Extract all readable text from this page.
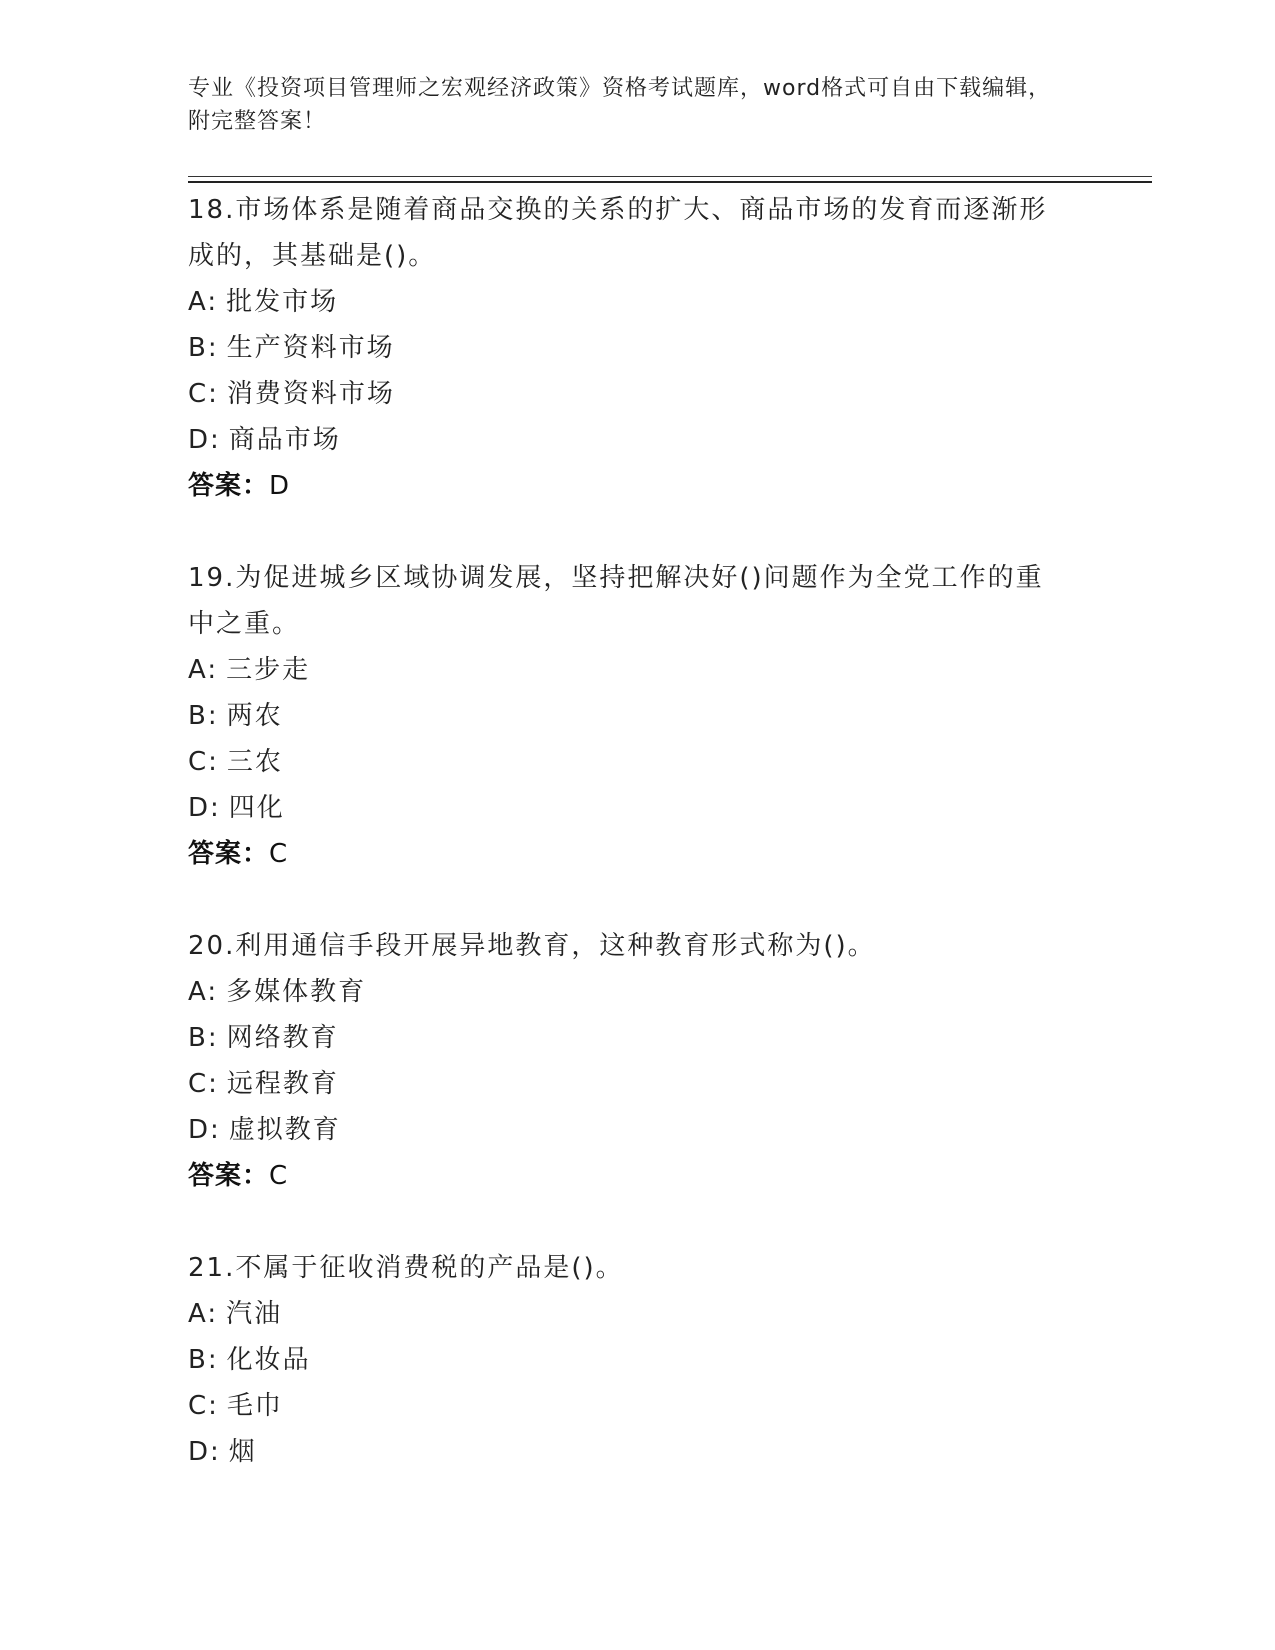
专业《投资项目管理师之宏观经济政策》资格考试题库，word格式可自由下载编辑，附完整答案！
18.市场体系是随着商品交换的关系的扩大、商品市场的发育而逐渐形成的，其基础是()。
A: 批发市场
B: 生产资料市场
C: 消费资料市场
D: 商品市场
答案：D
19.为促进城乡区域协调发展，坚持把解决好()问题作为全党工作的重中之重。
A: 三步走
B: 两农
C: 三农
D: 四化
答案：C
20.利用通信手段开展异地教育，这种教育形式称为()。
A: 多媒体教育
B: 网络教育
C: 远程教育
D: 虚拟教育
答案：C
21.不属于征收消费税的产品是()。
A: 汽油
B: 化妆品
C: 毛巾
D: 烟
